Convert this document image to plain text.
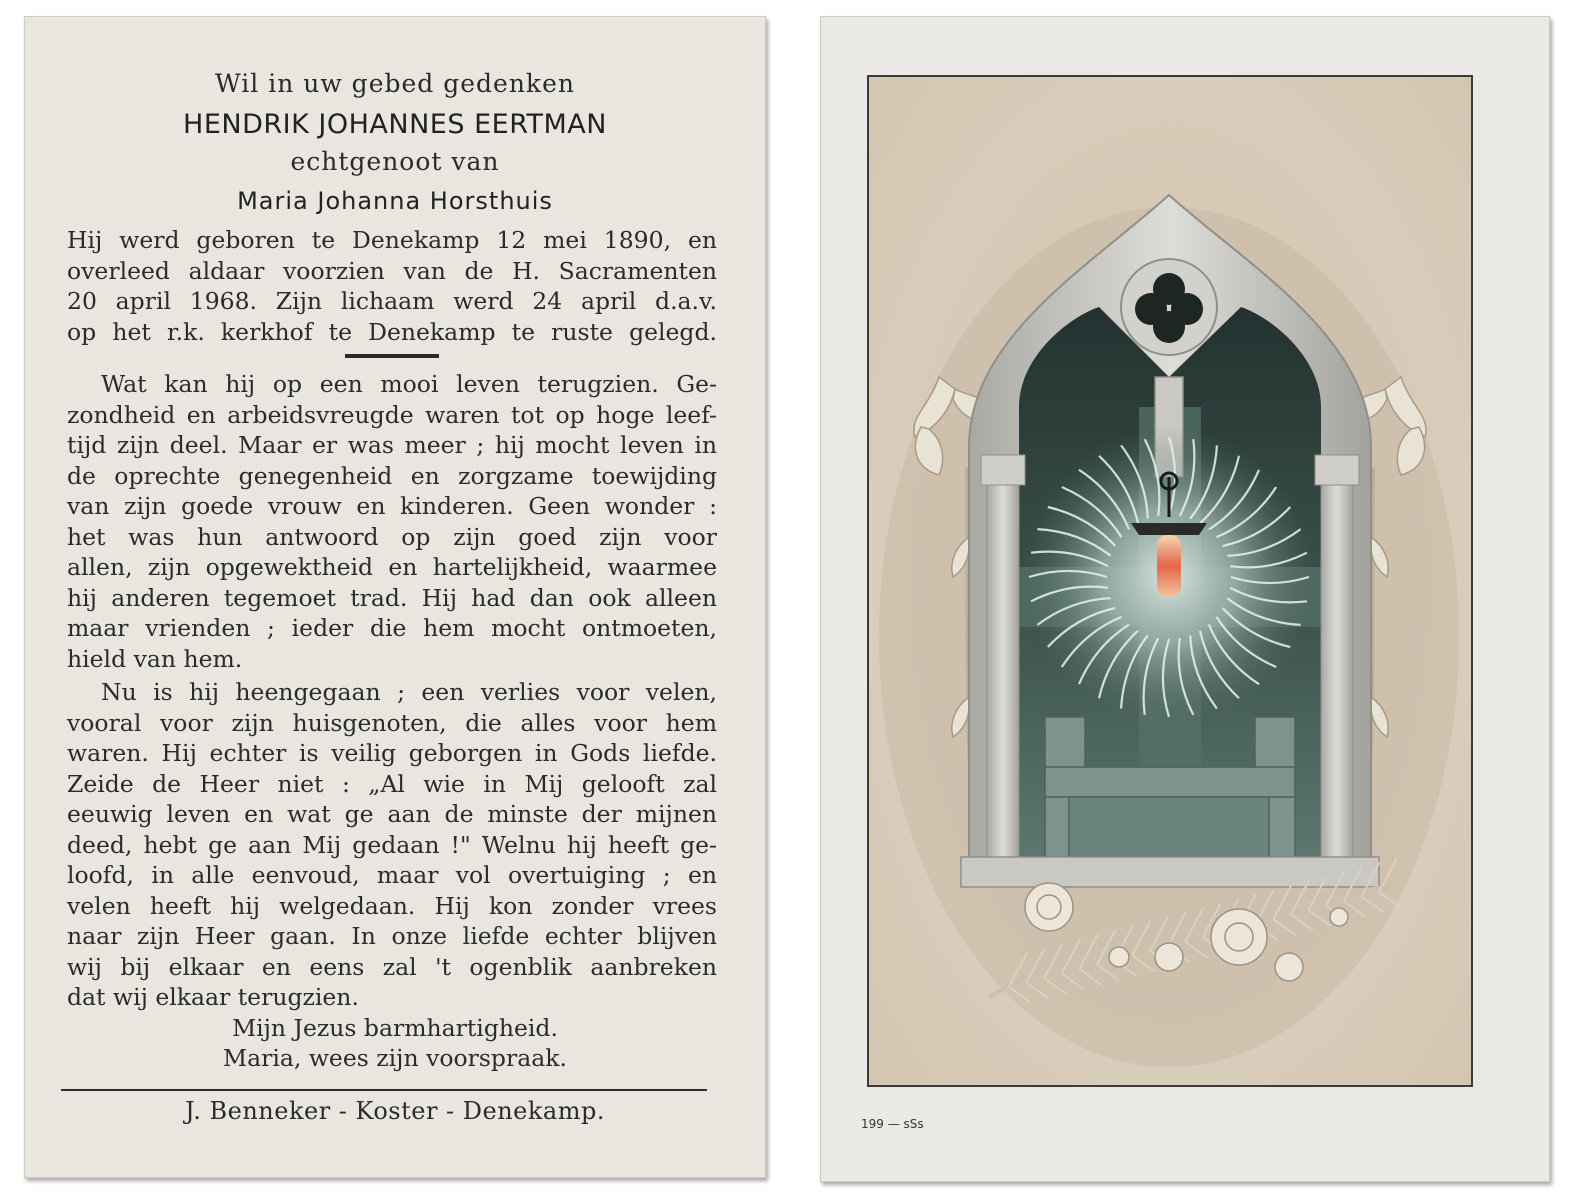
Wil in uw gebed gedenken
HENDRIK JOHANNES EERTMAN
echtgenoot van
Maria Johanna Horsthuis
Hij werd geboren te Denekamp 12 mei 1890, en
overleed aldaar voorzien van de H. Sacramenten
20 april 1968. Zijn lichaam werd 24 april d.a.v.
op het r.k. kerkhof te Denekamp te ruste gelegd.
Wat kan hij op een mooi leven terugzien. Ge-
zondheid en arbeidsvreugde waren tot op hoge leef-
tijd zijn deel. Maar er was meer ; hij mocht leven in
de oprechte genegenheid en zorgzame toewijding
van zijn goede vrouw en kinderen. Geen wonder :
het was hun antwoord op zijn goed zijn voor
allen, zijn opgewektheid en hartelijkheid, waarmee
hij anderen tegemoet trad. Hij had dan ook alleen
maar vrienden ; ieder die hem mocht ontmoeten,
hield van hem.
Nu is hij heengegaan ; een verlies voor velen,
vooral voor zijn huisgenoten, die alles voor hem
waren. Hij echter is veilig geborgen in Gods liefde.
Zeide de Heer niet : „Al wie in Mij gelooft zal
eeuwig leven en wat ge aan de minste der mijnen
deed, hebt ge aan Mij gedaan !" Welnu hij heeft ge-
loofd, in alle eenvoud, maar vol overtuiging ; en
velen heeft hij welgedaan. Hij kon zonder vrees
naar zijn Heer gaan. In onze liefde echter blijven
wij bij elkaar en eens zal 't ogenblik aanbreken
dat wij elkaar terugzien.
Mijn Jezus barmhartigheid.
Maria, wees zijn voorspraak.
J. Benneker - Koster - Denekamp.	199 — sSs
